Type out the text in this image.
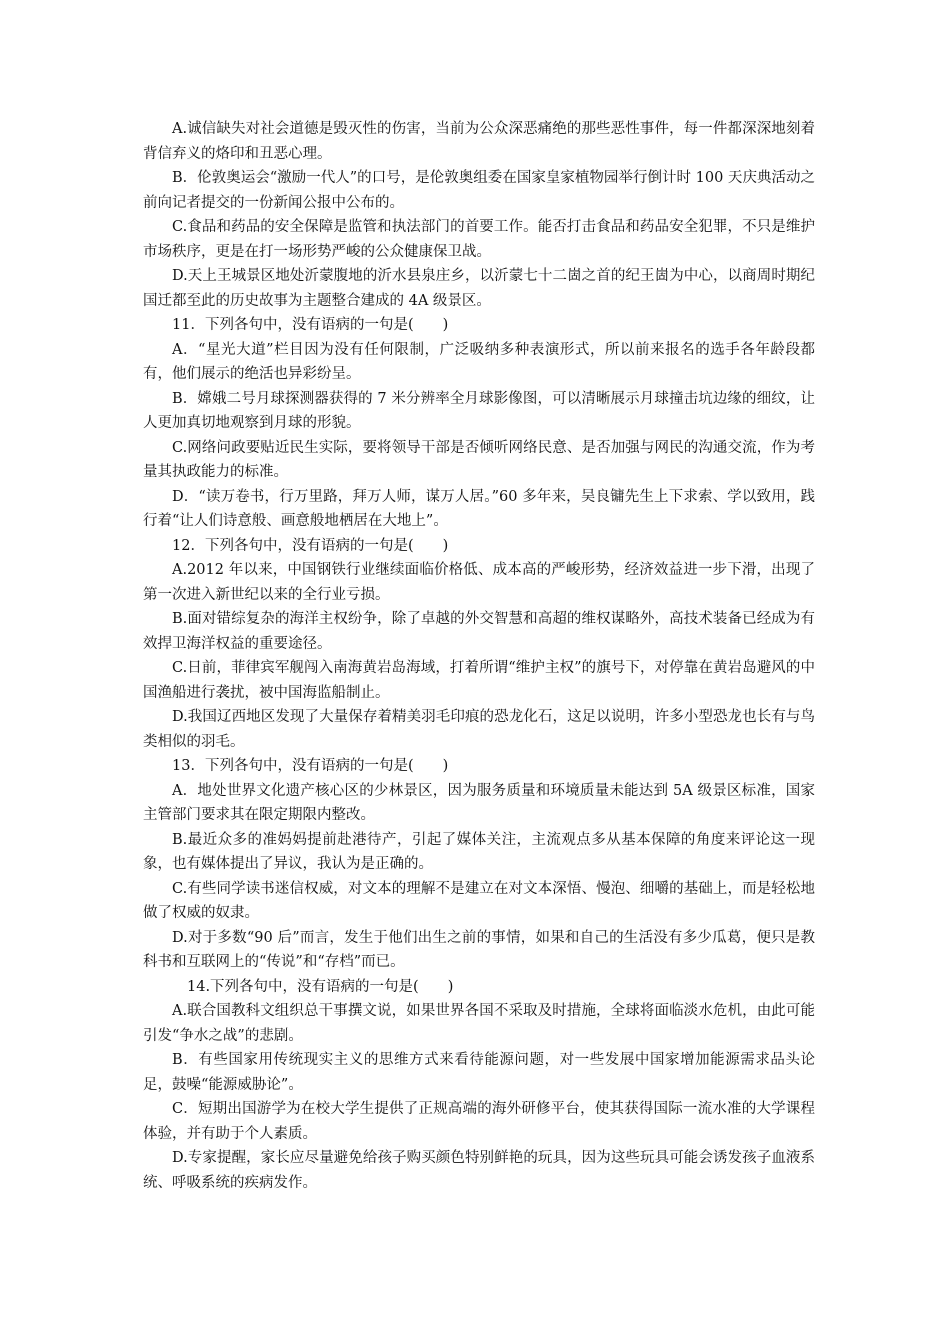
A.诚信缺失对社会道德是毁灭性的伤害，当前为公众深恶痛绝的那些恶性事件，每一件都深深地刻着背信弃义的烙印和丑恶心理。

B．伦敦奥运会“激励一代人”的口号，是伦敦奥组委在国家皇家植物园举行倒计时 100 天庆典活动之前向记者提交的一份新闻公报中公布的。

C.食品和药品的安全保障是监管和执法部门的首要工作。能否打击食品和药品安全犯罪，不只是维护市场秩序，更是在打一场形势严峻的公众健康保卫战。

D.天上王城景区地处沂蒙腹地的沂水县泉庄乡，以沂蒙七十二崮之首的纪王崮为中心，以商周时期纪国迁都至此的历史故事为主题整合建成的 4A 级景区。

11．下列各句中，没有语病的一句是(　　)

A．“星光大道”栏目因为没有任何限制，广泛吸纳多种表演形式，所以前来报名的选手各年龄段都有，他们展示的绝活也异彩纷呈。

B．嫦娥二号月球探测器获得的 7 米分辨率全月球影像图，可以清晰展示月球撞击坑边缘的细纹，让人更加真切地观察到月球的形貌。

C.网络问政要贴近民生实际，要将领导干部是否倾听网络民意、是否加强与网民的沟通交流，作为考量其执政能力的标准。

D．“读万卷书，行万里路，拜万人师，谋万人居。”60 多年来，吴良镛先生上下求索、学以致用，践行着“让人们诗意般、画意般地栖居在大地上”。

12．下列各句中，没有语病的一句是(　　)

A.2012 年以来，中国钢铁行业继续面临价格低、成本高的严峻形势，经济效益进一步下滑，出现了第一次进入新世纪以来的全行业亏损。

B.面对错综复杂的海洋主权纷争，除了卓越的外交智慧和高超的维权谋略外，高技术装备已经成为有效捍卫海洋权益的重要途径。

C.日前，菲律宾军舰闯入南海黄岩岛海域，打着所谓“维护主权”的旗号下，对停靠在黄岩岛避风的中国渔船进行袭扰，被中国海监船制止。

D.我国辽西地区发现了大量保存着精美羽毛印痕的恐龙化石，这足以说明，许多小型恐龙也长有与鸟类相似的羽毛。

13．下列各句中，没有语病的一句是(　　)

A．地处世界文化遗产核心区的少林景区，因为服务质量和环境质量未能达到 5A 级景区标准，国家主管部门要求其在限定期限内整改。

B.最近众多的准妈妈提前赴港待产，引起了媒体关注，主流观点多从基本保障的角度来评论这一现象，也有媒体提出了异议，我认为是正确的。

C.有些同学读书迷信权威，对文本的理解不是建立在对文本深悟、慢泡、细嚼的基础上，而是轻松地做了权威的奴隶。

D.对于多数“90 后”而言，发生于他们出生之前的事情，如果和自己的生活没有多少瓜葛，便只是教科书和互联网上的“传说”和“存档”而已。

14.下列各句中，没有语病的一句是(　　)

A.联合国教科文组织总干事撰文说，如果世界各国不采取及时措施，全球将面临淡水危机，由此可能引发“争水之战”的悲剧。

B．有些国家用传统现实主义的思维方式来看待能源问题，对一些发展中国家增加能源需求品头论足，鼓噪“能源威胁论”。

C．短期出国游学为在校大学生提供了正规高端的海外研修平台，使其获得国际一流水准的大学课程体验，并有助于个人素质。

D.专家提醒，家长应尽量避免给孩子购买颜色特别鲜艳的玩具，因为这些玩具可能会诱发孩子血液系统、呼吸系统的疾病发作。
